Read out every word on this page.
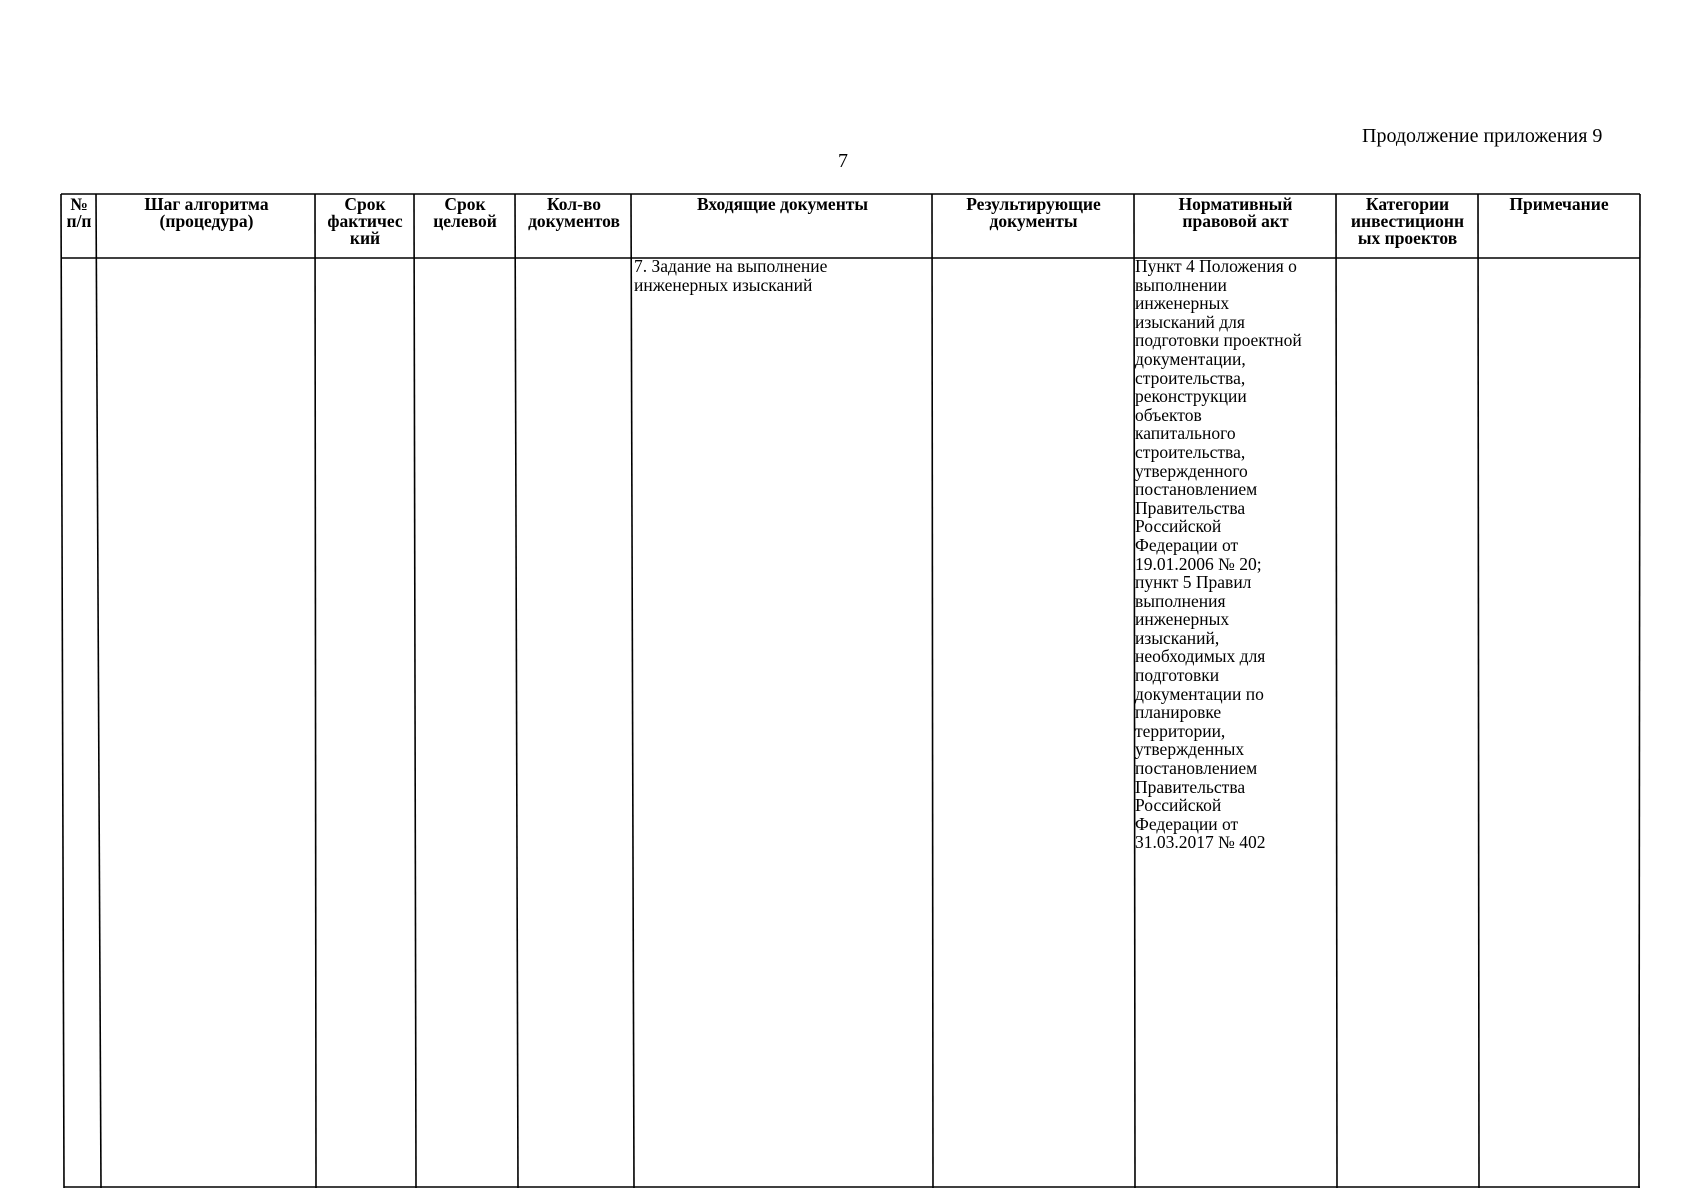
7
Продолжение приложения 9
№
п/п
Шаг алгоритма
(процедура)
Срок
фактичес
кий
Срок
целевой
Кол-во
документов
Входящие документы	Результирующие
документы
Нормативный
правовой акт
Категории
инвестиционн
ых проектов
Примечание
7. Задание на выполнение
инженерных изысканий
Пункт 4 Положения о
выполнении
инженерных
изысканий для
подготовки проектной
документации,
строительства,
реконструкции
объектов
капитального
строительства,
утвержденного
постановлением
Правительства
Российской
Федерации от
19.01.2006 № 20;
пункт 5 Правил
выполнения
инженерных
изысканий,
необходимых для
подготовки
документации по
планировке
территории,
утвержденных
постановлением
Правительства
Российской
Федерации от
31.03.2017 № 402
